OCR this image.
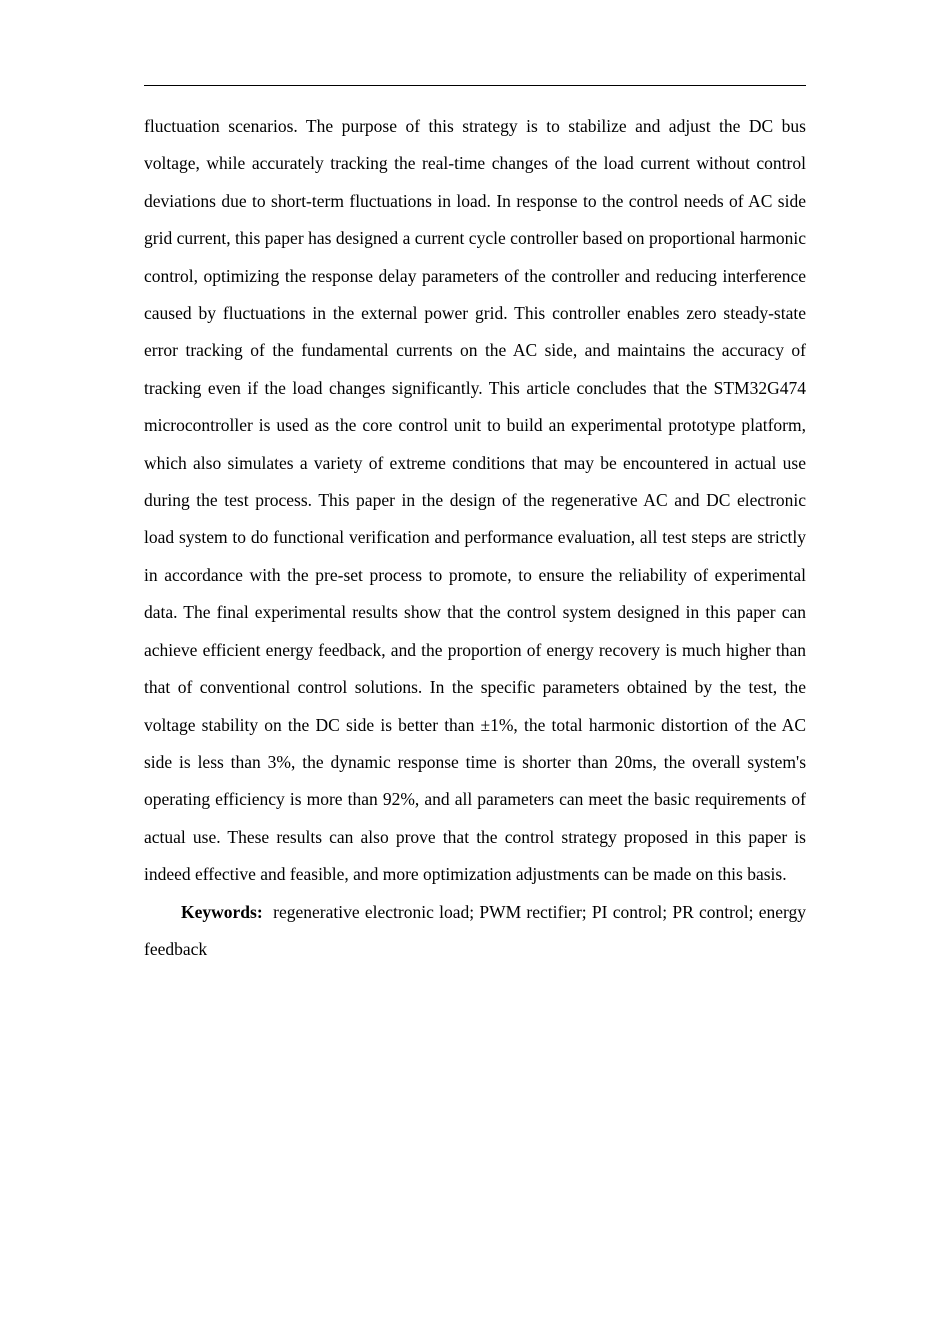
fluctuation scenarios. The purpose of this strategy is to stabilize and adjust the DC bus voltage, while accurately tracking the real-time changes of the load current without control deviations due to short-term fluctuations in load. In response to the control needs of AC side grid current, this paper has designed a current cycle controller based on proportional harmonic control, optimizing the response delay parameters of the controller and reducing interference caused by fluctuations in the external power grid. This controller enables zero steady-state error tracking of the fundamental currents on the AC side, and maintains the accuracy of tracking even if the load changes significantly. This article concludes that the STM32G474 microcontroller is used as the core control unit to build an experimental prototype platform, which also simulates a variety of extreme conditions that may be encountered in actual use during the test process. This paper in the design of the regenerative AC and DC electronic load system to do functional verification and performance evaluation, all test steps are strictly in accordance with the pre-set process to promote, to ensure the reliability of experimental data. The final experimental results show that the control system designed in this paper can achieve efficient energy feedback, and the proportion of energy recovery is much higher than that of conventional control solutions. In the specific parameters obtained by the test, the voltage stability on the DC side is better than ±1%, the total harmonic distortion of the AC side is less than 3%, the dynamic response time is shorter than 20ms, the overall system's operating efficiency is more than 92%, and all parameters can meet the basic requirements of actual use. These results can also prove that the control strategy proposed in this paper is indeed effective and feasible, and more optimization adjustments can be made on this basis.

Keywords: regenerative electronic load; PWM rectifier; PI control; PR control; energy feedback
